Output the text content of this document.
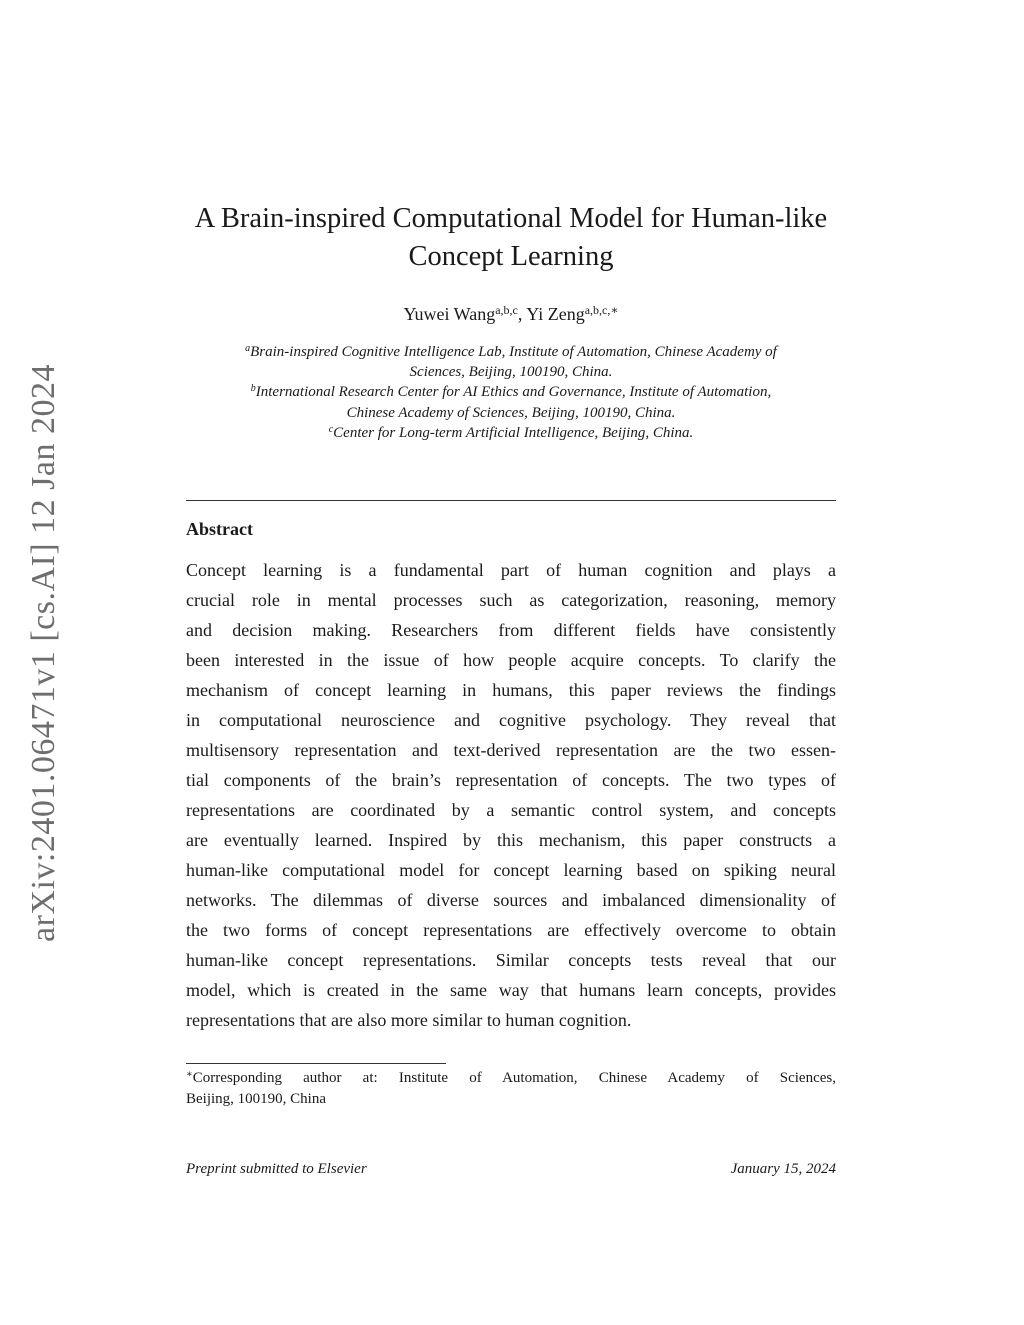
arXiv:2401.06471v1 [cs.AI] 12 Jan 2024
A Brain-inspired Computational Model for Human-like
Concept Learning
Yuwei Wang$^{a,b,c}$, Yi Zeng$^{a,b,c,∗}$
$^a$Brain-inspired Cognitive Intelligence Lab, Institute of Automation, Chinese Academy of
Sciences, Beijing, 100190, China.
$^b$International Research Center for AI Ethics and Governance, Institute of Automation,
Chinese Academy of Sciences, Beijing, 100190, China.
$^c$Center for Long-term Artificial Intelligence, Beijing, China.
Abstract
Concept learning is a fundamental part of human cognition and plays a
crucial role in mental processes such as categorization, reasoning, memory
and decision making. Researchers from different fields have consistently
been interested in the issue of how people acquire concepts. To clarify the
mechanism of concept learning in humans, this paper reviews the findings
in computational neuroscience and cognitive psychology. They reveal that
multisensory representation and text-derived representation are the two essen-
tial components of the brain’s representation of concepts. The two types of
representations are coordinated by a semantic control system, and concepts
are eventually learned. Inspired by this mechanism, this paper constructs a
human-like computational model for concept learning based on spiking neural
networks. The dilemmas of diverse sources and imbalanced dimensionality of
the two forms of concept representations are effectively overcome to obtain
human-like concept representations. Similar concepts tests reveal that our
model, which is created in the same way that humans learn concepts, provides
representations that are also more similar to human cognition.
∗Corresponding author at: Institute of Automation, Chinese Academy of Sciences,
Beijing, 100190, China
Preprint submitted to Elsevier	January 15, 2024
